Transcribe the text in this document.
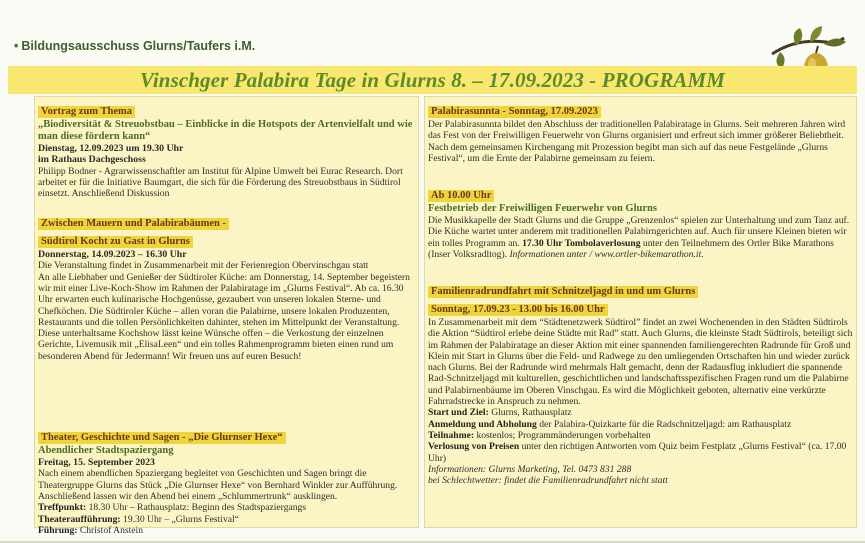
• Bildungsausschuss Glurns/Taufers i.M.
Vinschger Palabira Tage in Glurns 8. – 17.09.2023 - PROGRAMM
Vortrag zum Thema
„Biodiversität & Streuobstbau – Einblicke in die Hotspots der Artenvielfalt und wie man diese fördern kann“
Dienstag, 12.09.2023 um 19.30 Uhr
im Rathaus Dachgeschoss
Philipp Bodner - Agrarwissenschaftler am Institut für Alpine Umwelt bei Eurac Research. Dort arbeitet er für die Initiative Baumgart, die sich für die Förderung des Streuobstbaus in Südtirol einsetzt. Anschließend Diskussion
Zwischen Mauern und Palabirabäumen -
Südtirol Kocht zu Gast in Glurns
Donnerstag, 14.09.2023 – 16.30 Uhr
Die Veranstaltung findet in Zusammenarbeit mit der Ferienregion Obervinschgau statt
An alle Liebhaber und Genießer der Südtiroler Küche: am Donnerstag, 14. September begeistern wir mit einer Live-Koch-Show im Rahmen der Palabiratage im „Glurns Festival“. Ab ca. 16.30 Uhr erwarten euch kulinarische Hochgenüsse, gezaubert von unseren lokalen Sterne- und Chefköchen. Die Südtiroler Küche – allen voran die Palabirne, unsere lokalen Produzenten, Restaurants und die tollen Persönlichkeiten dahinter, stehen im Mittelpunkt der Veranstaltung. Diese unterhaltsame Kochshow lässt keine Wünsche offen – die Verkostung der einzelnen Gerichte, Livemusik mit „ElisaLeen“ und ein tolles Rahmenprogramm bieten einen rund um besonderen Abend für Jedermann! Wir freuen uns auf euren Besuch!
Theater, Geschichte und Sagen - „Die Glurnser Hexe“
Abendlicher Stadtspaziergang
Freitag, 15. September 2023
Nach einem abendlichen Spaziergang begleitet von Geschichten und Sagen bringt die Theatergruppe Glurns das Stück „Die Glurnser Hexe“ von Bernhard Winkler zur Aufführung. Anschließend lassen wir den Abend bei einem „Schlummertrunk“ ausklingen.
Treffpunkt: 18.30 Uhr – Rathausplatz: Beginn des Stadtspaziergangs
Theateraufführung: 19.30 Uhr – „Glurns Festival“
Führung: Christof Anstein
Palabirasunnta - Sonntag, 17.09.2023
Der Palabirasunnta bildet den Abschluss der traditionellen Palabiratage in Glurns. Seit mehreren Jahren wird das Fest von der Freiwilligen Feuerwehr von Glurns organisiert und erfreut sich immer größerer Beliebtheit. Nach dem gemeinsamen Kirchengang mit Prozession begibt man sich auf das neue Festgelände „Glurns Festival“, um die Ernte der Palabirne gemeinsam zu feiern.
Ab 10.00 Uhr
Festbetrieb der Freiwilligen Feuerwehr von Glurns
Die Musikkapelle der Stadt Glurns und die Gruppe „Grenzenlos“ spielen zur Unterhaltung und zum Tanz auf. Die Küche wartet unter anderem mit traditionellen Palabirngerichten auf. Auch für unsere Kleinen bieten wir ein tolles Programm an. 17.30 Uhr Tombolaverlosung unter den Teilnehmern des Ortler Bike Marathons (Inser Volksradltog). Informationen unter / www.ortler-bikemarathon.it.
Familienradrundfahrt mit Schnitzeljagd in und um Glurns
Sonntag, 17.09.23 - 13.00 bis 16.00 Uhr
In Zusammenarbeit mit dem “Städtenetzwerk Südtirol” findet an zwei Wochenenden in den Städten Südtirols die Aktion “Südtirol erlebe deine Städte mit Rad” statt. Auch Glurns, die kleinste Stadt Südtirols, beteiligt sich im Rahmen der Palabiratage an dieser Aktion mit einer spannenden familiengerechten Radrunde für Groß und Klein mit Start in Glurns über die Feld- und Radwege zu den umliegenden Ortschaften hin und wieder zurück nach Glurns. Bei der Radrunde wird mehrmals Halt gemacht, denn der Radausflug inkludiert die spannende Rad-Schnitzeljagd mit kulturellen, geschichtlichen und landschaftsspezifischen Fragen rund um die Palabirne und Palabirnenbäume im Oberen Vinschgau. Es wird die Möglichkeit geboten, alternativ eine verkürzte Fahrradstrecke in Anspruch zu nehmen.
Start und Ziel: Glurns, Rathausplatz
Anmeldung und Abholung der Palabira-Quizkarte für die Radschnitzeljagd: am Rathausplatz
Teilnahme: kostenlos; Programmänderungen vorbehalten
Verlosung von Preisen unter den richtigen Antworten vom Quiz beim Festplatz „Glurns Festival“ (ca. 17.00 Uhr)
Informationen: Glurns Marketing, Tel. 0473 831 288
bei Schlechtwetter: findet die Familienradrundfahrt nicht statt
